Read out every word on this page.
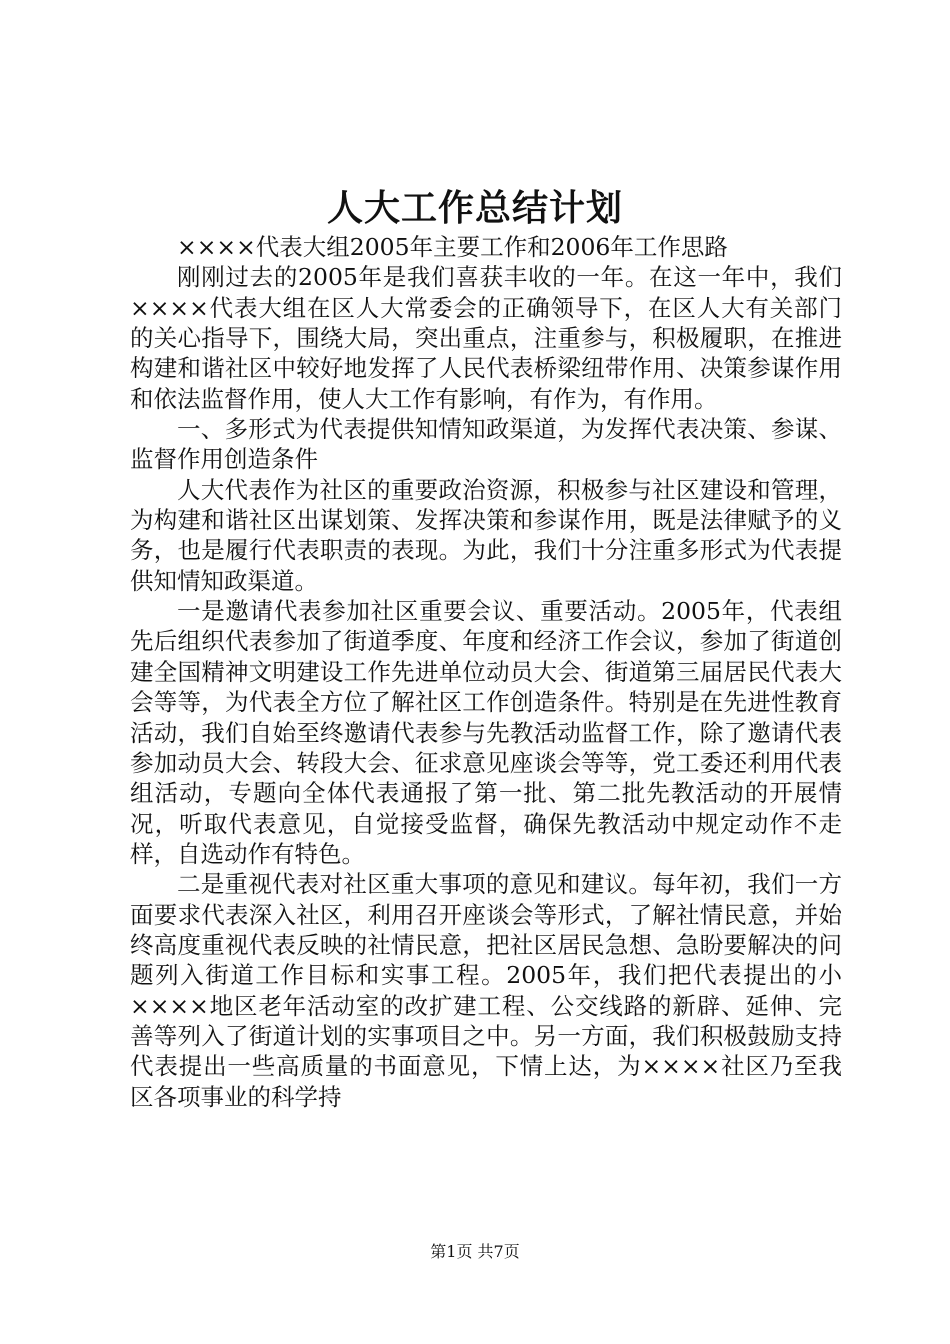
人大工作总结计划

××××代表大组2005年主要工作和2006年工作思路

刚刚过去的2005年是我们喜获丰收的一年。在这一年中，我们××××代表大组在区人大常委会的正确领导下，在区人大有关部门的关心指导下，围绕大局，突出重点，注重参与，积极履职，在推进构建和谐社区中较好地发挥了人民代表桥梁纽带作用、决策参谋作用和依法监督作用，使人大工作有影响，有作为，有作用。

一、多形式为代表提供知情知政渠道，为发挥代表决策、参谋、监督作用创造条件

人大代表作为社区的重要政治资源，积极参与社区建设和管理，为构建和谐社区出谋划策、发挥决策和参谋作用，既是法律赋予的义务，也是履行代表职责的表现。为此，我们十分注重多形式为代表提供知情知政渠道。

一是邀请代表参加社区重要会议、重要活动。2005年，代表组先后组织代表参加了街道季度、年度和经济工作会议，参加了街道创建全国精神文明建设工作先进单位动员大会、街道第三届居民代表大会等等，为代表全方位了解社区工作创造条件。特别是在先进性教育活动，我们自始至终邀请代表参与先教活动监督工作，除了邀请代表参加动员大会、转段大会、征求意见座谈会等等，党工委还利用代表组活动，专题向全体代表通报了第一批、第二批先教活动的开展情况，听取代表意见，自觉接受监督，确保先教活动中规定动作不走样，自选动作有特色。

二是重视代表对社区重大事项的意见和建议。每年初，我们一方面要求代表深入社区，利用召开座谈会等形式，了解社情民意，并始终高度重视代表反映的社情民意，把社区居民急想、急盼要解决的问题列入街道工作目标和实事工程。2005年，我们把代表提出的小××××地区老年活动室的改扩建工程、公交线路的新辟、延伸、完善等列入了街道计划的实事项目之中。另一方面，我们积极鼓励支持代表提出一些高质量的书面意见，下情上达，为××××社区乃至我区各项事业的科学持

第1页 共7页
